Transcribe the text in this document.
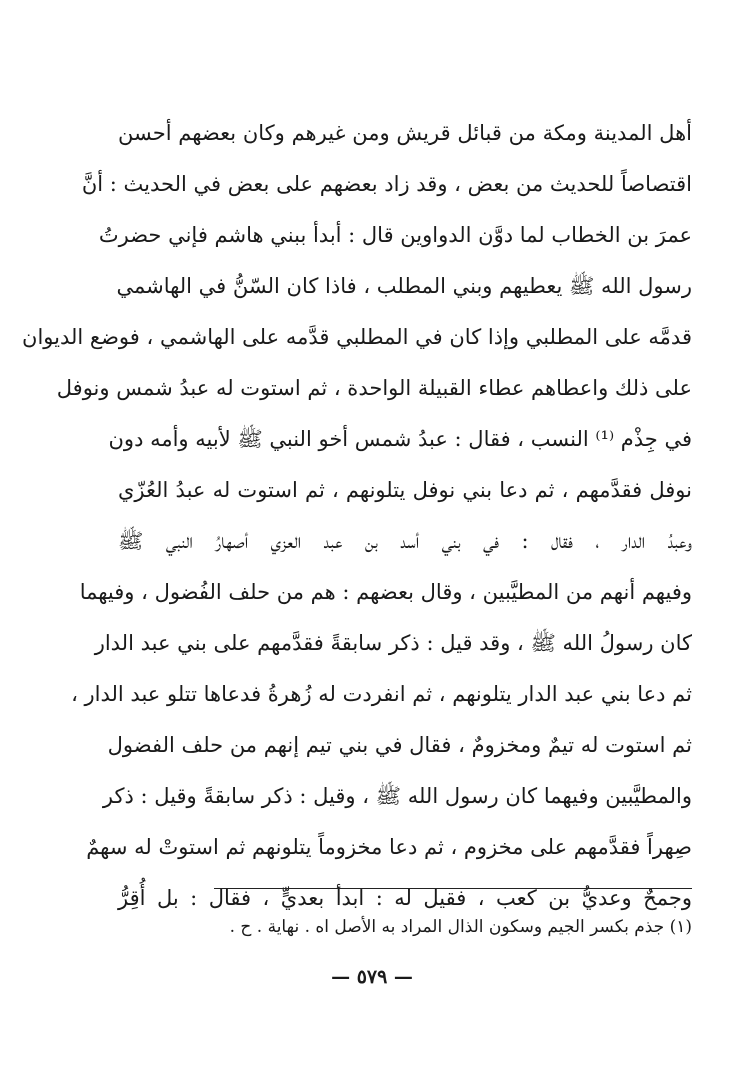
أهل المدينة ومكة من قبائل قريش ومن غيرهم وكان بعضهم أحسن
اقتصاصاً للحديث من بعض ، وقد زاد بعضهم على بعض في الحديث : أنَّ
عمرَ بن الخطاب لما دوَّن الدواوين قال : أبدأ ببني هاشم فإني حضرتُ
رسول الله ﷺ يعطيهم وبني المطلب ، فاذا كان السّنُّ في الهاشمي
قدمَّه على المطلبي وإذا كان في المطلبي قدَّمه على الهاشمي ، فوضع الديوان
على ذلك واعطاهم عطاء القبيلة الواحدة ، ثم استوت له عبدُ شمس ونوفل
في جِذْم ⁽¹⁾ النسب ، فقال : عبدُ شمس أخو النبي ﷺ لأبيه وأمه دون
نوفل فقدَّمهم ، ثم دعا بني نوفل يتلونهم ، ثم استوت له عبدُ العُزّي
وعبدُ الدار ، فقال : في بني أسد بن عبد العزي أصهارُ النبي ﷺ
وفيهم أنهم من المطيَّبين ، وقال بعضهم : هم من حلف الفُضول ، وفيهما
كان رسولُ الله ﷺ ، وقد قيل : ذكر سابقةً فقدَّمهم على بني عبد الدار
ثم دعا بني عبد الدار يتلونهم ، ثم انفردت له زُهرةُ فدعاها تتلو عبد الدار ،
ثم استوت له تيمٌ ومخزومٌ ، فقال في بني تيم إنهم من حلف الفضول
والمطيَّبين وفيهما كان رسول الله ﷺ ، وقيل : ذكر سابقةً وقيل : ذكر
صِهراً فقدَّمهم على مخزوم ، ثم دعا مخزوماً يتلونهم ثم استوتْ له سهمٌ
وجمحٌ وعديُّ بن كعب ، فقيل له : ابدأ بعديٍّ ، فقال : بل أُقِرُّ
(١) جذم بكسر الجيم وسكون الذال المراد به الأصل اه . نهاية . ح .
— ٥٧٩ —
